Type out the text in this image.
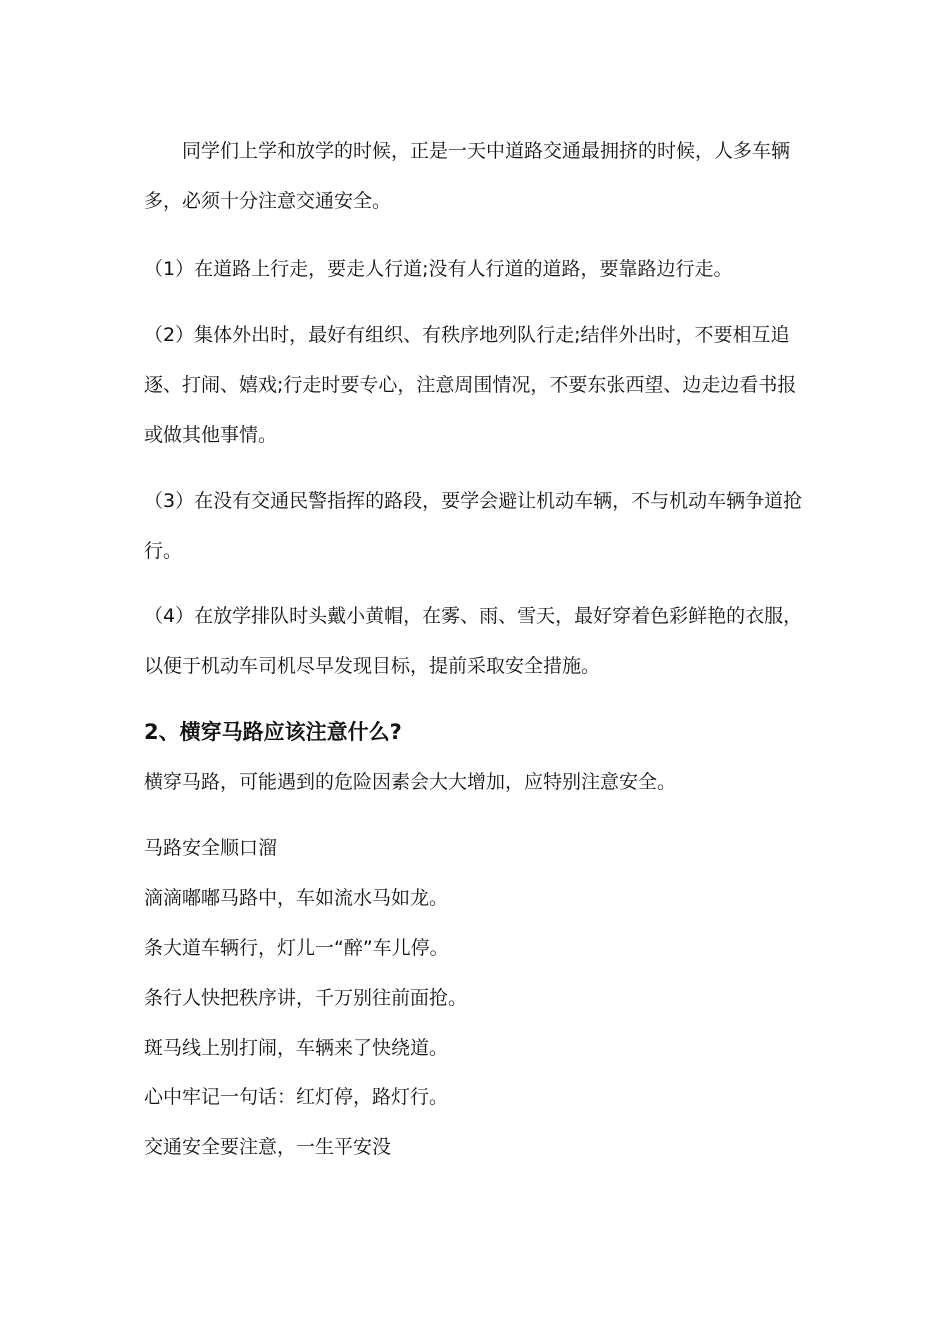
同学们上学和放学的时候，正是一天中道路交通最拥挤的时候，人多车辆多，必须十分注意交通安全。

（1）在道路上行走，要走人行道;没有人行道的道路，要靠路边行走。

（2）集体外出时，最好有组织、有秩序地列队行走;结伴外出时，不要相互追逐、打闹、嬉戏;行走时要专心，注意周围情况，不要东张西望、边走边看书报或做其他事情。

（3）在没有交通民警指挥的路段，要学会避让机动车辆，不与机动车辆争道抢行。

（4）在放学排队时头戴小黄帽，在雾、雨、雪天，最好穿着色彩鲜艳的衣服，以便于机动车司机尽早发现目标，提前采取安全措施。

2、横穿马路应该注意什么?

横穿马路，可能遇到的危险因素会大大增加，应特别注意安全。

马路安全顺口溜

滴滴嘟嘟马路中，车如流水马如龙。

条大道车辆行，灯儿一“醉”车儿停。

条行人快把秩序讲，千万别往前面抢。

斑马线上别打闹，车辆来了快绕道。

心中牢记一句话：红灯停，路灯行。

交通安全要注意，一生平安没
